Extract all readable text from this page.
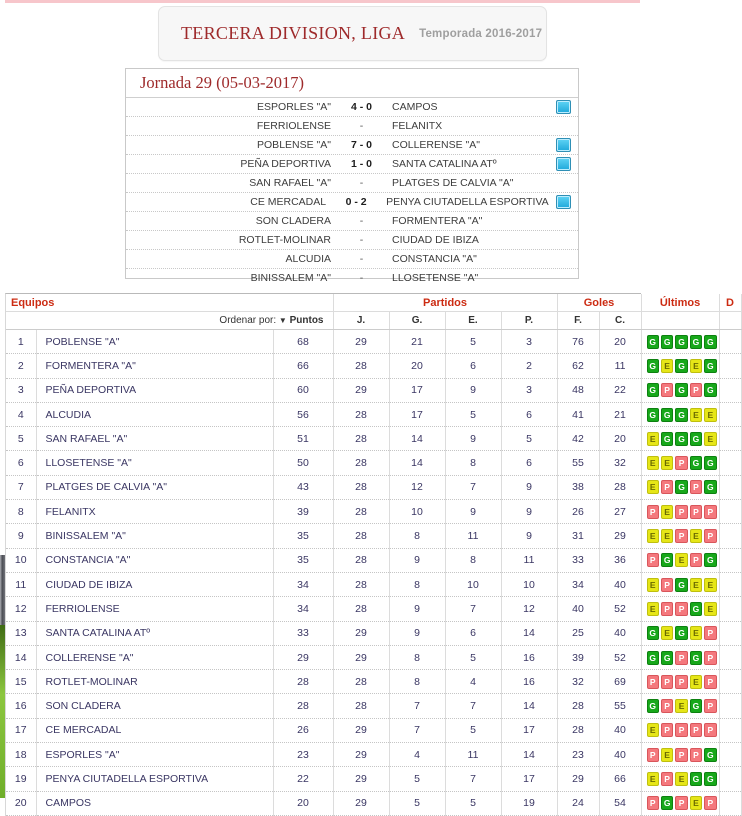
TERCERA DIVISION, LIGA Temporada 2016-2017
Jornada 29 (05-03-2017)
ESPORLES "A"	4 - 0	CAMPOS
FERRIOLENSE	-	FELANITX
POBLENSE "A"	7 - 0	COLLERENSE "A"
PEÑA DEPORTIVA	1 - 0	SANTA CATALINA ATº
SAN RAFAEL "A"	-	PLATGES DE CALVIA "A"
CE MERCADAL	0 - 2	PENYA CIUTADELLA ESPORTIVA
SON CLADERA	-	FORMENTERA "A"
ROTLET-MOLINAR	-	CIUDAD DE IBIZA
ALCUDIA	-	CONSTANCIA "A"
BINISSALEM "A"	-	LLOSETENSE "A"
Equipos			Partidos				Goles		Últimos	D
Ordenar por: ▼ Puntos			J.	G.	E.	P.	F.	C.		
1	POBLENSE "A"	68	29	21	5	3	76	20	G G G G G	

2	FORMENTERA "A"	66	28	20	6	2	62	11	G E G E G	

3	PEÑA DEPORTIVA	60	29	17	9	3	48	22	G P G P G	

4	ALCUDIA	56	28	17	5	6	41	21	G G G E E	

5	SAN RAFAEL "A"	51	28	14	9	5	42	20	E G G G E	

6	LLOSETENSE "A"	50	28	14	8	6	55	32	E E P G G	

7	PLATGES DE CALVIA "A"	43	28	12	7	9	38	28	E P G P G	

8	FELANITX	39	28	10	9	9	26	27	P E P P P	

9	BINISSALEM "A"	35	28	8	11	9	31	29	E E P E P	

10	CONSTANCIA "A"	35	28	9	8	11	33	36	P G E P G	

11	CIUDAD DE IBIZA	34	28	8	10	10	34	40	E P G E E	

12	FERRIOLENSE	34	28	9	7	12	40	52	E P P G E	

13	SANTA CATALINA ATº	33	29	9	6	14	25	40	G E G E P	

14	COLLERENSE "A"	29	29	8	5	16	39	52	G G P G P	

15	ROTLET-MOLINAR	28	28	8	4	16	32	69	P P P E P	

16	SON CLADERA	28	28	7	7	14	28	55	G P E G P	

17	CE MERCADAL	26	29	7	5	17	28	40	E P P P P	

18	ESPORLES "A"	23	29	4	11	14	23	40	P E P P G	

19	PENYA CIUTADELLA ESPORTIVA	22	29	5	7	17	29	66	E P E G G	

20	CAMPOS	20	29	5	5	19	24	54	P G P E P	
